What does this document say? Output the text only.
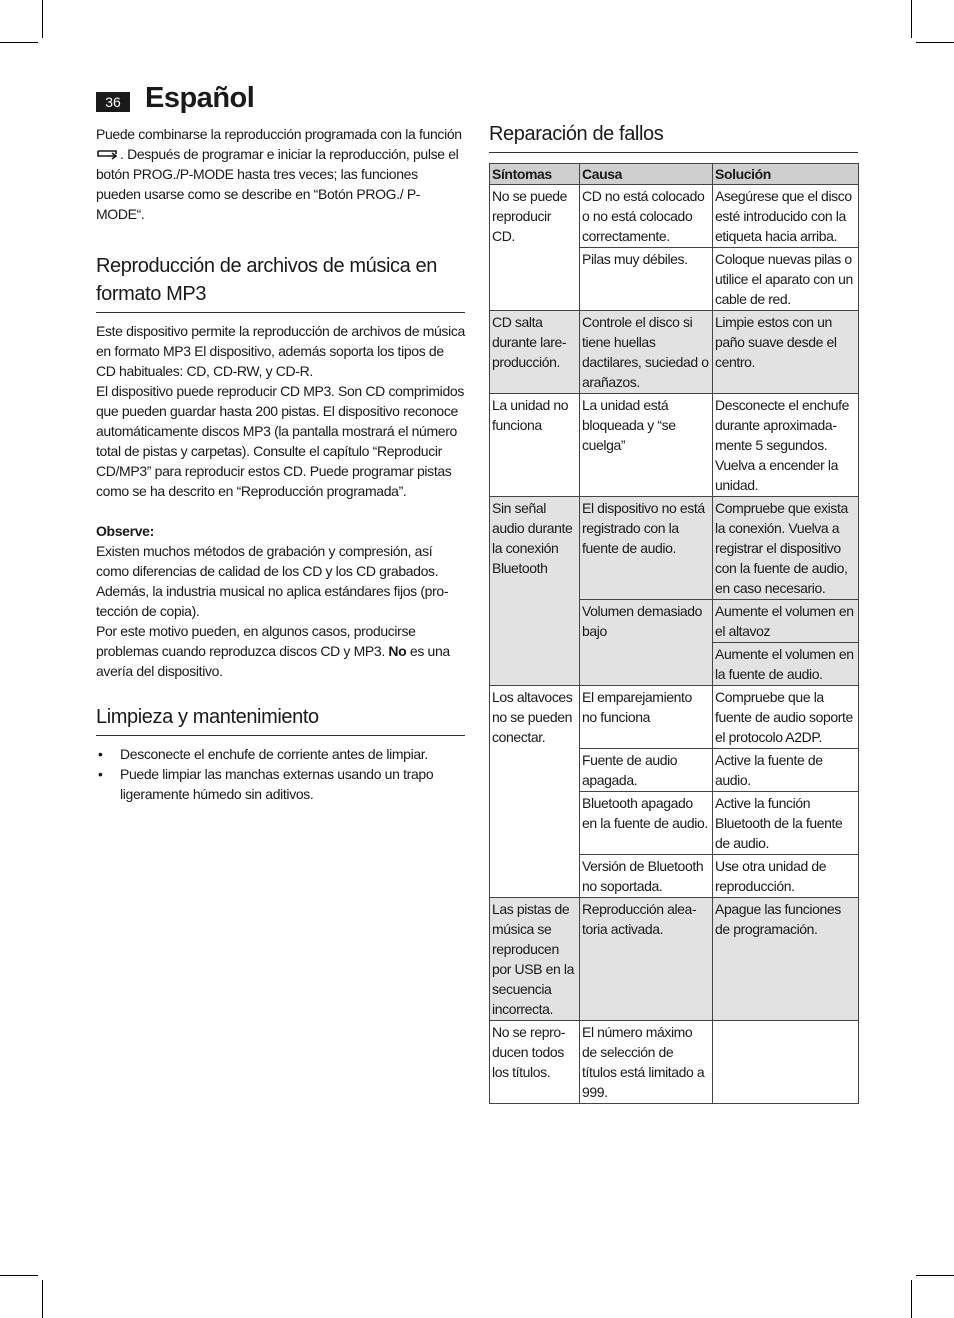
36 Español

Puede combinarse la reproducción programada con la función . Después de programar e iniciar la reproducción, pulse el botón PROG./P-MODE hasta tres veces; las funciones pueden usarse como se describe en “Botón PROG./ P-MODE“.

Reproducción de archivos de música en formato MP3

Este dispositivo permite la reproducción de archivos de música en formato MP3 El dispositivo, además soporta los tipos de CD habituales: CD, CD-RW, y CD-R.

El dispositivo puede reproducir CD MP3. Son CD comprimidos que pueden guardar hasta 200 pistas. El dispositivo reconoce automáticamente discos MP3 (la pantalla mostrará el número total de pistas y carpetas). Consulte el capítulo “Reproducir CD/MP3” para reproducir estos CD. Puede programar pistas como se ha descrito en “Reproducción programada”.

Observe:

Existen muchos métodos de grabación y compresión, así como diferencias de calidad de los CD y los CD grabados. Además, la industria musical no aplica estándares fijos (protección de copia).

Por este motivo pueden, en algunos casos, producirse problemas cuando reproduzca discos CD y MP3. No es una avería del dispositivo.

Limpieza y mantenimiento
• Desconecte el enchufe de corriente antes de limpiar.
• Puede limpiar las manchas externas usando un trapo ligeramente húmedo sin aditivos.
Reparación de fallos
Síntomas	Causa	Solución
No se puede reproducir CD.	CD no está colocado o no está colocado correctamente.	Asegúrese que el disco esté introducido con la etiqueta hacia arriba.
	Pilas muy débiles.	Coloque nuevas pilas o utilice el aparato con un cable de red.
CD salta durante lareproducción.	Controle el disco si tiene huellas dactilares, suciedad o arañazos.	Limpie estos con un paño suave desde el centro.
La unidad no funciona	La unidad está bloqueada y “se cuelga”	Desconecte el enchufe durante aproximadamente 5 segundos. Vuelva a encender la unidad.
Sin señal audio durante la conexión Bluetooth	El dispositivo no está registrado con la fuente de audio.	Compruebe que exista la conexión. Vuelva a registrar el dispositivo con la fuente de audio, en caso necesario.
	Volumen demasiado bajo	Aumente el volumen en el altavoz
		Aumente el volumen en la fuente de audio.
Los altavoces no se pueden conectar.	El emparejamiento no funciona	Compruebe que la fuente de audio soporte el protocolo A2DP.
	Fuente de audio apagada.	Active la fuente de audio.
	Bluetooth apagado en la fuente de audio.	Active la función Bluetooth de la fuente de audio.
	Versión de Bluetooth no soportada.	Use otra unidad de reproducción.
Las pistas de música se reproducen por USB en la secuencia incorrecta.	Reproducción aleatoria activada.	Apague las funciones de programación.
No se reproducen todos los títulos.	El número máximo de selección de títulos está limitado a 999.	
